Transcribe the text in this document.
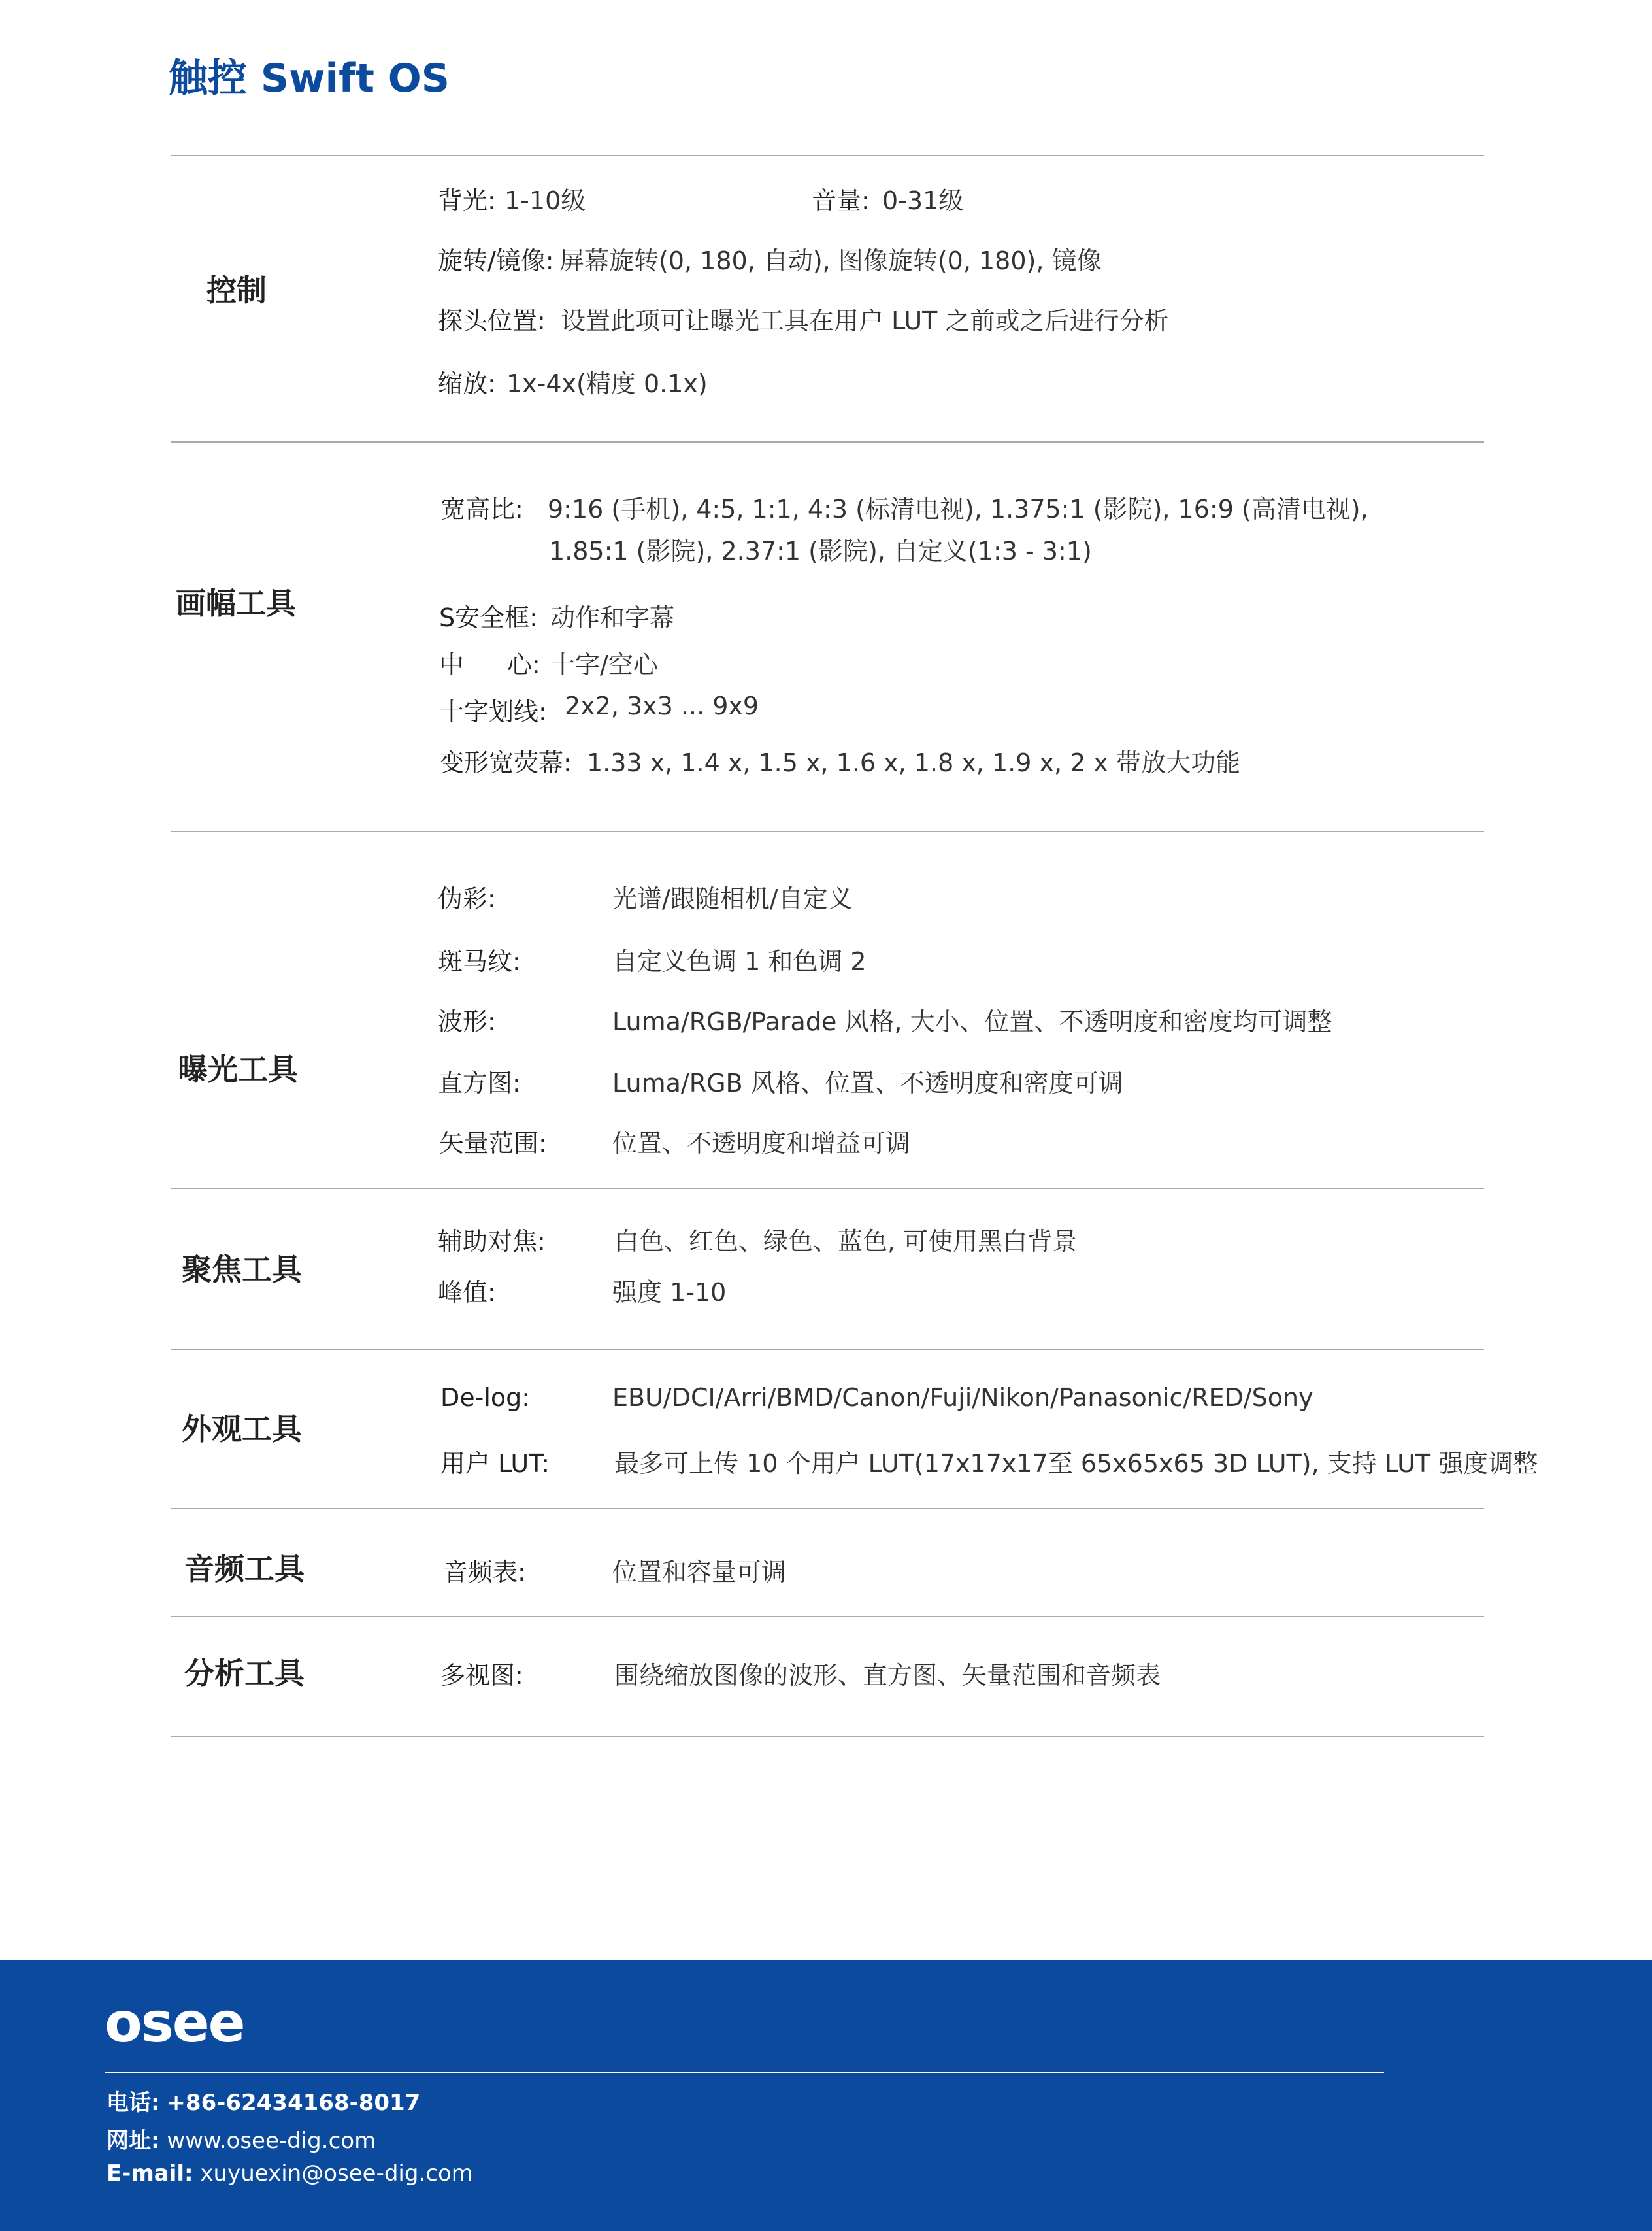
触控 Swift OS
控制
背光: 1-10级	音量: 0-31级
旋转/镜像: 屏幕旋转(0, 180, 自动), 图像旋转(0, 180), 镜像
探头位置: 设置此项可让曝光工具在用户 LUT 之前或之后进行分析
缩放: 1x-4x(精度 0.1x)
画幅工具
宽高比: 9:16 (手机), 4:5, 1:1, 4:3 (标清电视), 1.375:1 (影院), 16:9 (高清电视),
1.85:1 (影院), 2.37:1 (影院), 自定义(1:3 - 3:1)
S安全框: 动作和字幕
中 心: 十字/空心
十字划线: 2x2, 3x3 ... 9x9
变形宽荧幕: 1.33 x, 1.4 x, 1.5 x, 1.6 x, 1.8 x, 1.9 x, 2 x 带放大功能
曝光工具
伪彩:	光谱/跟随相机/自定义
斑马纹:	自定义色调 1 和色调 2
波形:	Luma/RGB/Parade 风格, 大小、位置、不透明度和密度均可调整
直方图:	Luma/RGB 风格、位置、不透明度和密度可调
矢量范围:	位置、不透明度和增益可调
聚焦工具
辅助对焦:	白色、红色、绿色、蓝色, 可使用黑白背景
峰值:	强度 1-10
外观工具
De-log:	EBU/DCI/Arri/BMD/Canon/Fuji/Nikon/Panasonic/RED/Sony
用户 LUT:	最多可上传 10 个用户 LUT(17x17x17至 65x65x65 3D LUT), 支持 LUT 强度调整
音频工具	音频表:	位置和容量可调
分析工具	多视图:	围绕缩放图像的波形、直方图、矢量范围和音频表
osee
电话: +86-62434168-8017
网址: www.osee-dig.com
E-mail: xuyuexin@osee-dig.com
